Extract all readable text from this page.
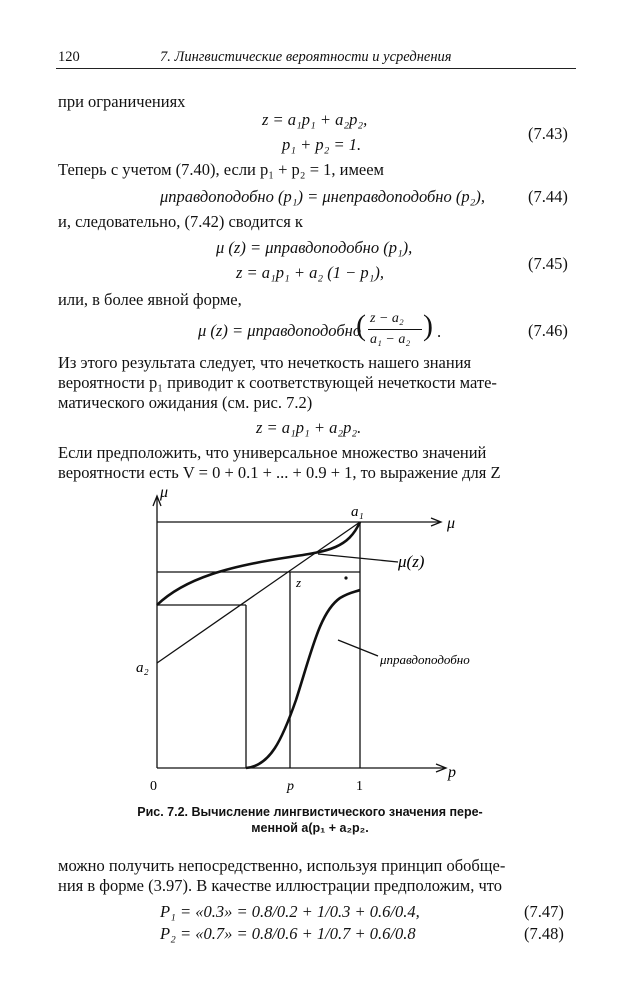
120	7. Лингвистические вероятности и усреднения
при ограничениях
z = a₁p₁ + a₂p₂,
p₁ + p₂ = 1.
(7.43)
Теперь с учетом (7.40), если p₁ + p₂ = 1, имеем
μправдоподобно (p₁) = μнеправдоподобно (p₂),	(7.44)
и, следовательно, (7.42) сводится к
μ (z) = μправдоподобно (p₁),
z = a₁p₁ + a₂ (1 − p₁),	(7.45)
или, в более явной форме,
μ (z) = μправдоподобно
( z − a₂
a₁ − a₂ ) .	(7.46)
Из этого результата следует, что нечеткость нашего знания
вероятности p₁ приводит к соответствующей нечеткости мате-
матического ожидания (см. рис. 7.2)
z = a₁p₁ + a₂p₂.
Если предположить, что универсальное множество значений
вероятности есть V = 0 + 0.1 + ... + 0.9 + 1, то выражение для Z
μ
p
μ
a₁
a₂
μ(z)
μправдоподобно
z
0	p	1
Рис. 7.2. Вычисление лингвистического значения пере-
менной a(p₁ + a₂p₂.
можно получить непосредственно, используя принцип обобще-
ния в форме (3.97). В качестве иллюстрации предположим, что
P₁ = «0.3» = 0.8/0.2 + 1/0.3 + 0.6/0.4,	(7.47)
P₂ = «0.7» = 0.8/0.6 + 1/0.7 + 0.6/0.8	(7.48)
